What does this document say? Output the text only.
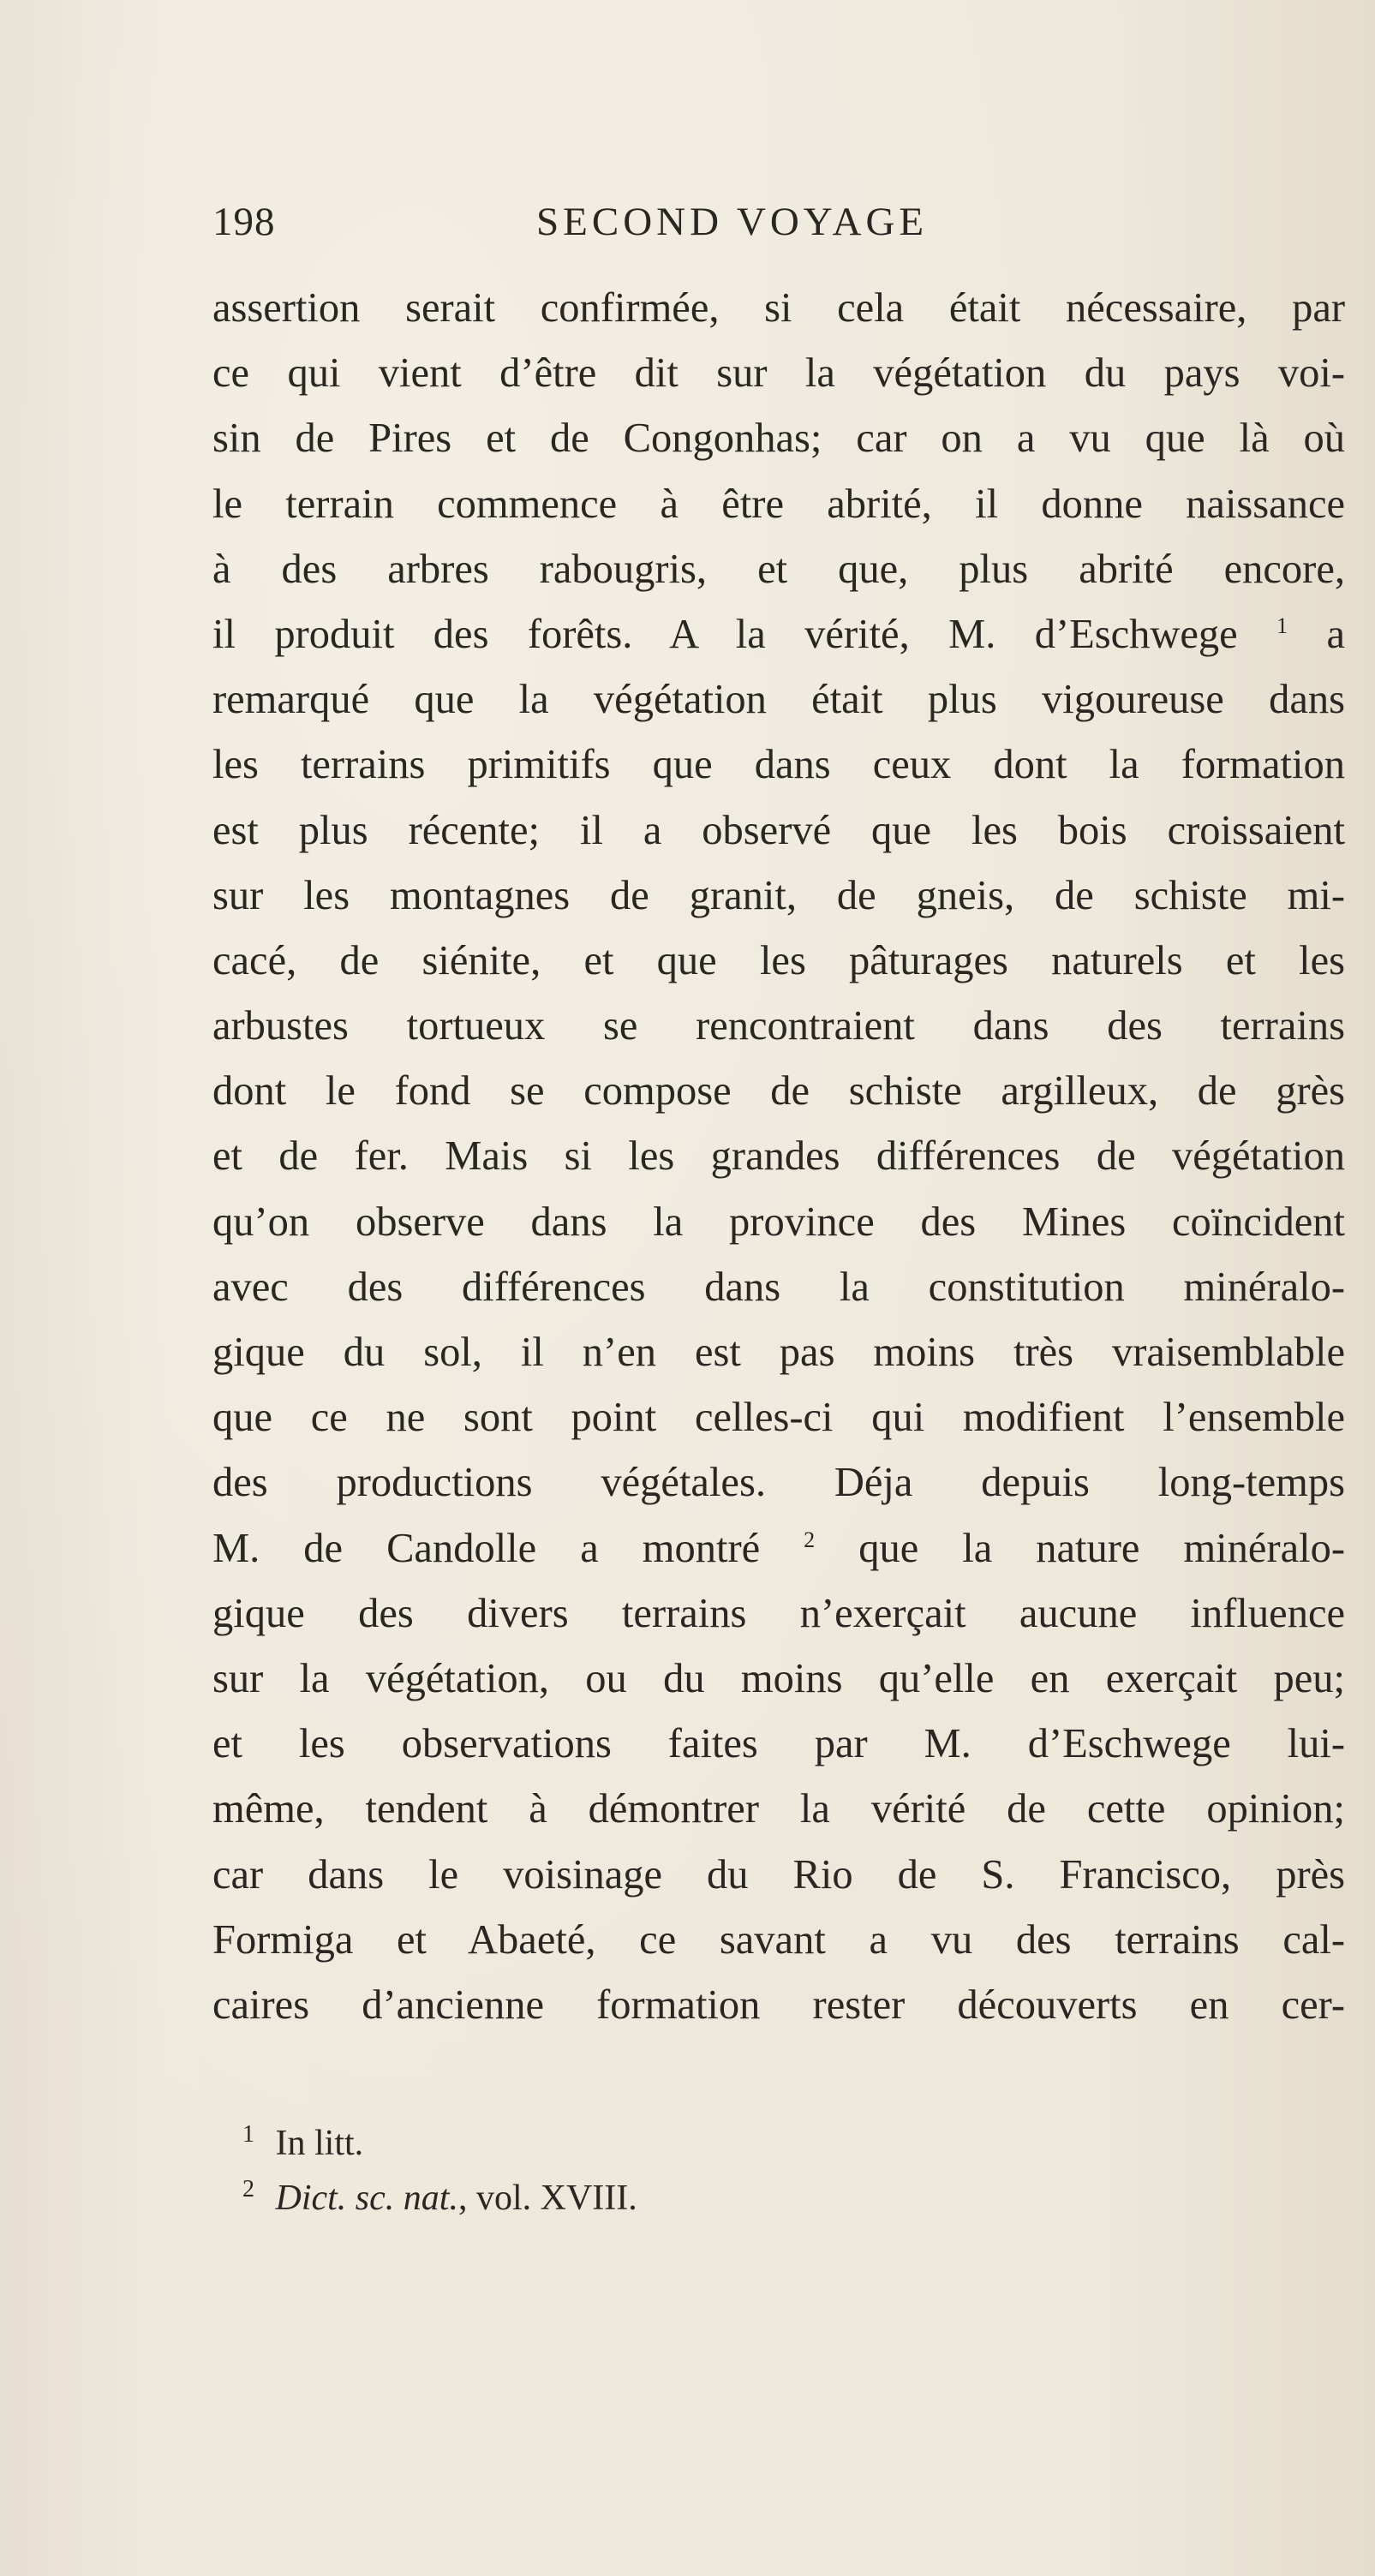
198	SECOND VOYAGE
assertion serait confirmée, si cela était nécessaire, par
ce qui vient d’être dit sur la végétation du pays voi-
sin de Pires et de Congonhas; car on a vu que là où
le terrain commence à être abrité, il donne naissance
à des arbres rabougris, et que, plus abrité encore,
il produit des forêts. A la vérité, M. d’Eschwege $^1$ a
remarqué que la végétation était plus vigoureuse dans
les terrains primitifs que dans ceux dont la formation
est plus récente; il a observé que les bois croissaient
sur les montagnes de granit, de gneis, de schiste mi-
cacé, de siénite, et que les pâturages naturels et les
arbustes tortueux se rencontraient dans des terrains
dont le fond se compose de schiste argilleux, de grès
et de fer. Mais si les grandes différences de végétation
qu’on observe dans la province des Mines coïncident
avec des différences dans la constitution minéralo-
gique du sol, il n’en est pas moins très vraisemblable
que ce ne sont point celles-ci qui modifient l’ensemble
des productions végétales. Déja depuis long-temps
M. de Candolle a montré $^2$ que la nature minéralo-
gique des divers terrains n’exerçait aucune influence
sur la végétation, ou du moins qu’elle en exerçait peu;
et les observations faites par M. d’Eschwege lui-
même, tendent à démontrer la vérité de cette opinion;
car dans le voisinage du Rio de S. Francisco, près
Formiga et Abaeté, ce savant a vu des terrains cal-
caires d’ancienne formation rester découverts en cer-
$^1$ In litt.
$^2$ Dict. sc. nat., vol. XVIII.
